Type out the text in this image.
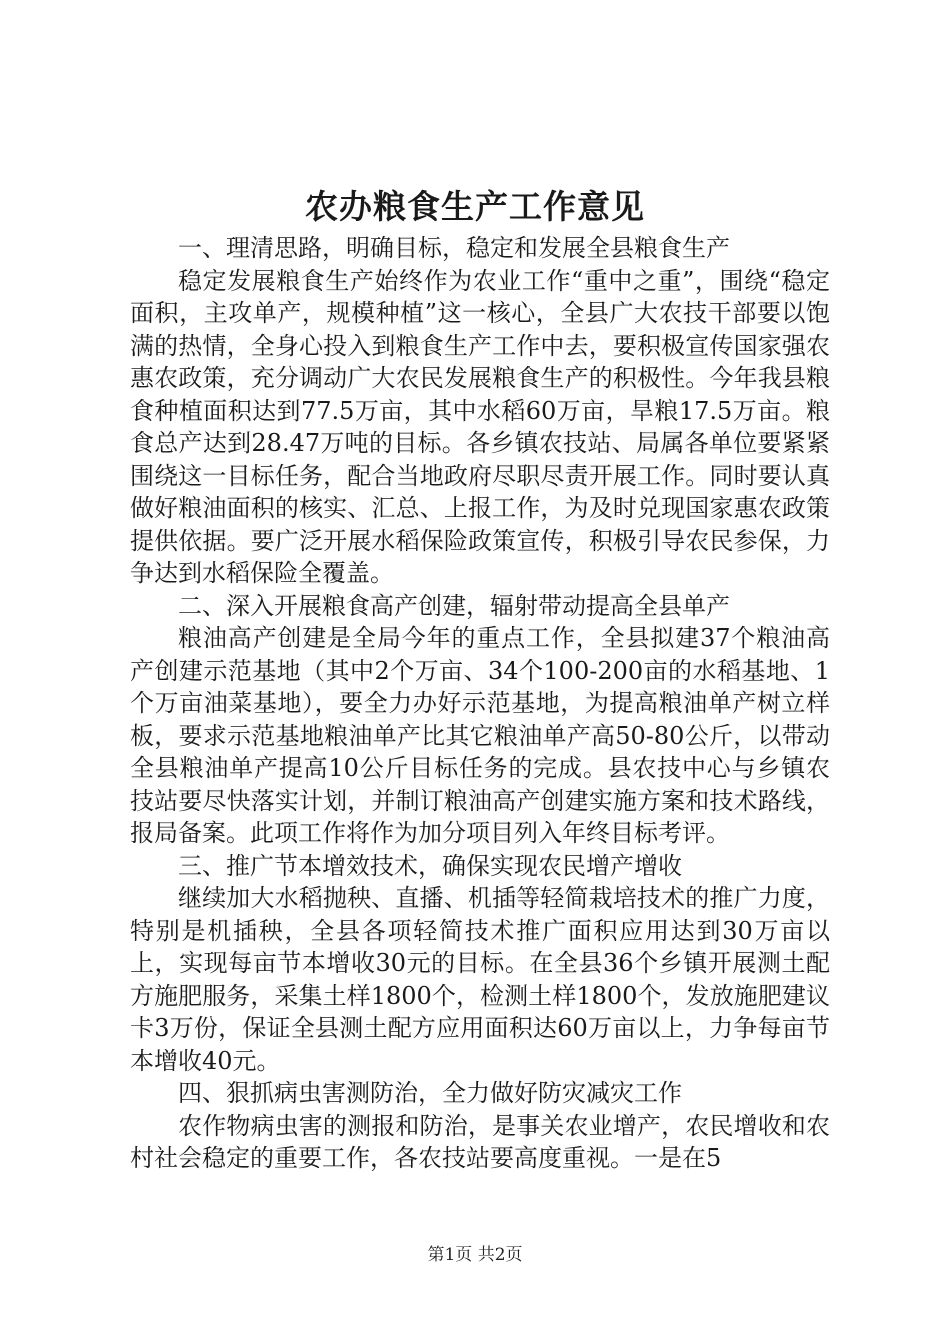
农办粮食生产工作意见

一、理清思路，明确目标，稳定和发展全县粮食生产

稳定发展粮食生产始终作为农业工作“重中之重”，围绕“稳定面积，主攻单产，规模种植”这一核心，全县广大农技干部要以饱满的热情，全身心投入到粮食生产工作中去，要积极宣传国家强农惠农政策，充分调动广大农民发展粮食生产的积极性。今年我县粮食种植面积达到77.5万亩，其中水稻60万亩，旱粮17.5万亩。粮食总产达到28.47万吨的目标。各乡镇农技站、局属各单位要紧紧围绕这一目标任务，配合当地政府尽职尽责开展工作。同时要认真做好粮油面积的核实、汇总、上报工作，为及时兑现国家惠农政策提供依据。要广泛开展水稻保险政策宣传，积极引导农民参保，力争达到水稻保险全覆盖。

二、深入开展粮食高产创建，辐射带动提高全县单产

粮油高产创建是全局今年的重点工作，全县拟建37个粮油高产创建示范基地（其中2个万亩、34个100-200亩的水稻基地、1个万亩油菜基地），要全力办好示范基地，为提高粮油单产树立样板，要求示范基地粮油单产比其它粮油单产高50-80公斤，以带动全县粮油单产提高10公斤目标任务的完成。县农技中心与乡镇农技站要尽快落实计划，并制订粮油高产创建实施方案和技术路线，报局备案。此项工作将作为加分项目列入年终目标考评。

三、推广节本增效技术，确保实现农民增产增收

继续加大水稻抛秧、直播、机插等轻简栽培技术的推广力度，特别是机插秧，全县各项轻简技术推广面积应用达到30万亩以上，实现每亩节本增收30元的目标。在全县36个乡镇开展测土配方施肥服务，采集土样1800个，检测土样1800个，发放施肥建议卡3万份，保证全县测土配方应用面积达60万亩以上，力争每亩节本增收40元。

四、狠抓病虫害测防治，全力做好防灾减灾工作

农作物病虫害的测报和防治，是事关农业增产，农民增收和农村社会稳定的重要工作，各农技站要高度重视。一是在5

第1页 共2页
